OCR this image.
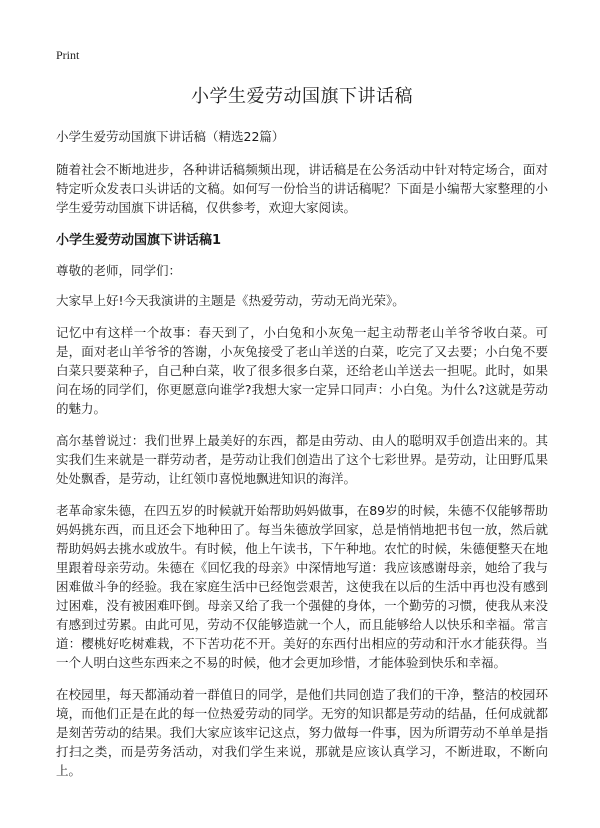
Print
小学生爱劳动国旗下讲话稿

小学生爱劳动国旗下讲话稿（精选22篇）

随着社会不断地进步，各种讲话稿频频出现，讲话稿是在公务活动中针对特定场合，面对特定听众发表口头讲话的文稿。如何写一份恰当的讲话稿呢？下面是小编帮大家整理的小学生爱劳动国旗下讲话稿，仅供参考，欢迎大家阅读。

小学生爱劳动国旗下讲话稿1

尊敬的老师，同学们：

大家早上好!今天我演讲的主题是《热爱劳动，劳动无尚光荣》。

记忆中有这样一个故事：春天到了，小白兔和小灰兔一起主动帮老山羊爷爷收白菜。可是，面对老山羊爷爷的答谢，小灰兔接受了老山羊送的白菜，吃完了又去要；小白兔不要白菜只要菜种子，自己种白菜，收了很多很多白菜，还给老山羊送去一担呢。此时，如果问在场的同学们，你更愿意向谁学?我想大家一定异口同声：小白兔。为什么?这就是劳动的魅力。

高尔基曾说过：我们世界上最美好的东西，都是由劳动、由人的聪明双手创造出来的。其实我们生来就是一群劳动者，是劳动让我们创造出了这个七彩世界。是劳动，让田野瓜果处处飘香，是劳动，让红领巾喜悦地飘进知识的海洋。

老革命家朱德，在四五岁的时候就开始帮助妈妈做事，在89岁的时候，朱德不仅能够帮助妈妈挑东西，而且还会下地种田了。每当朱德放学回家，总是悄悄地把书包一放，然后就帮助妈妈去挑水或放牛。有时候，他上午读书，下午种地。农忙的时候，朱德便整天在地里跟着母亲劳动。朱德在《回忆我的母亲》中深情地写道：我应该感谢母亲，她给了我与困难做斗争的经验。我在家庭生活中已经饱尝艰苦，这使我在以后的生活中再也没有感到过困难，没有被困难吓倒。母亲又给了我一个强健的身体，一个勤劳的习惯，使我从来没有感到过劳累。由此可见，劳动不仅能够造就一个人，而且能够给人以快乐和幸福。常言道：樱桃好吃树难栽，不下苦功花不开。美好的东西付出相应的劳动和汗水才能获得。当一个人明白这些东西来之不易的时候，他才会更加珍惜，才能体验到快乐和幸福。

在校园里，每天都涌动着一群值日的同学，是他们共同创造了我们的干净，整洁的校园环境，而他们正是在此的每一位热爱劳动的同学。无穷的知识都是劳动的结晶，任何成就都是刻苦劳动的结果。我们大家应该牢记这点，努力做每一件事，因为所谓劳动不单单是指打扫之类，而是劳务活动，对我们学生来说，那就是应该认真学习，不断进取，不断向上。
